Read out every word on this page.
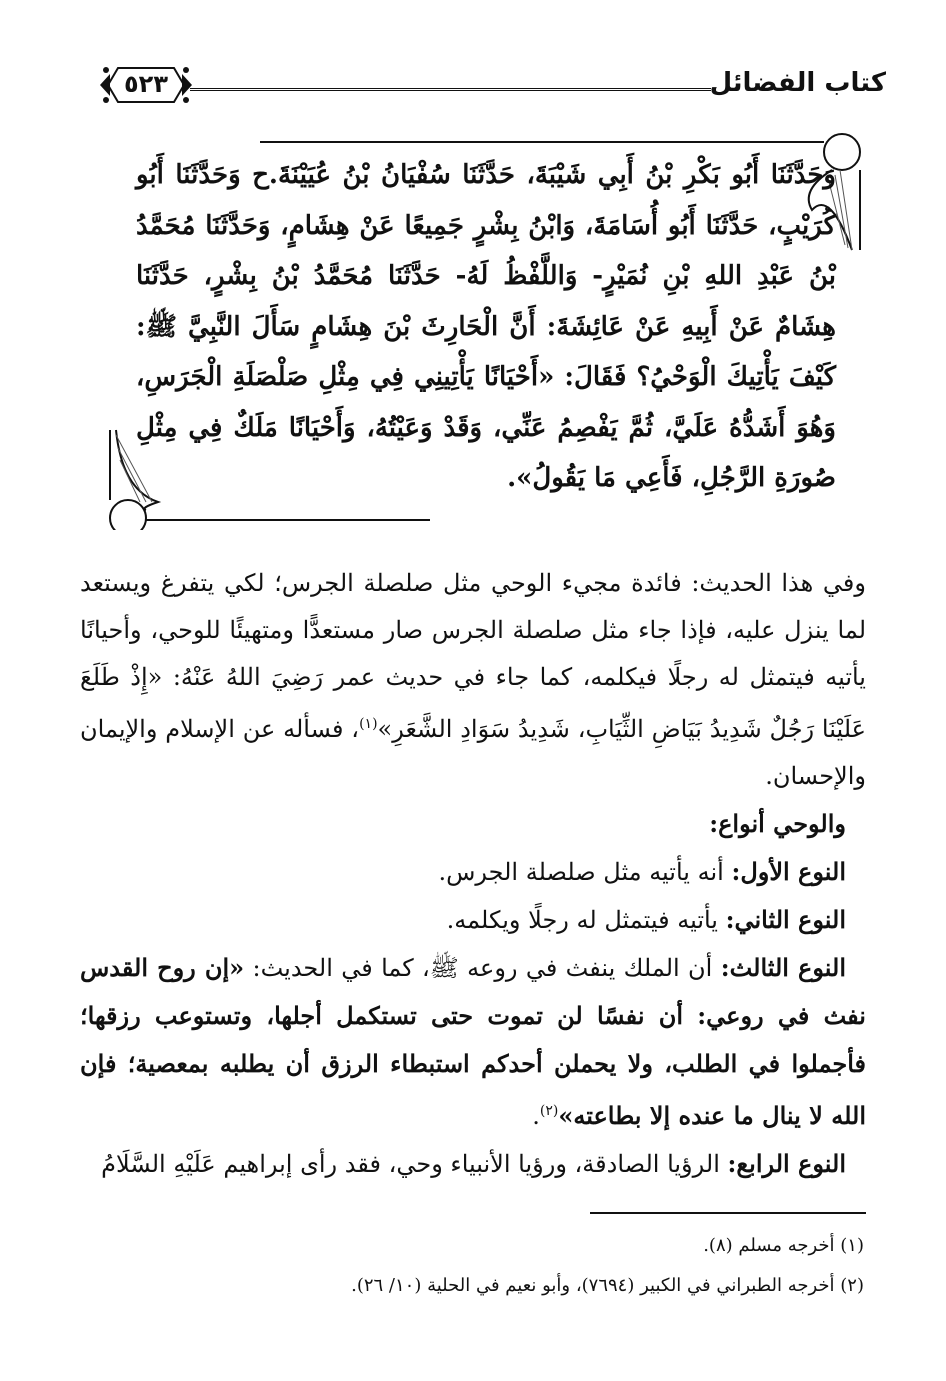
كتاب الفضائل
٥٢٣
وَحَدَّثَنَا أَبُو بَكْرِ بْنُ أَبِي شَيْبَةَ، حَدَّثَنَا سُفْيَانُ بْنُ عُيَيْنَةَ.ح وَحَدَّثَنَا أَبُو كُرَيْبٍ، حَدَّثَنَا أَبُو أُسَامَةَ، وَابْنُ بِشْرٍ جَمِيعًا عَنْ هِشَامٍ، وَحَدَّثَنَا مُحَمَّدُ بْنُ عَبْدِ اللهِ بْنِ نُمَيْرٍ- وَاللَّفْظُ لَهُ- حَدَّثَنَا مُحَمَّدُ بْنُ بِشْرٍ، حَدَّثَنَا هِشَامٌ عَنْ أَبِيهِ عَنْ عَائِشَةَ: أَنَّ الْحَارِثَ بْنَ هِشَامٍ سَأَلَ النَّبِيَّ ﷺ: كَيْفَ يَأْتِيكَ الْوَحْيُ؟ فَقَالَ: «أَحْيَانًا يَأْتِينِي فِي مِثْلِ صَلْصَلَةِ الْجَرَسِ، وَهُوَ أَشَدُّهُ عَلَيَّ، ثُمَّ يَفْصِمُ عَنِّي، وَقَدْ وَعَيْتُهُ، وَأَحْيَانًا مَلَكٌ فِي مِثْلِ صُورَةِ الرَّجُلِ، فَأَعِي مَا يَقُولُ».
وفي هذا الحديث: فائدة مجيء الوحي مثل صلصلة الجرس؛ لكي يتفرغ ويستعد لما ينزل عليه، فإذا جاء مثل صلصلة الجرس صار مستعدًّا ومتهيئًا للوحي، وأحيانًا يأتيه فيتمثل له رجلًا فيكلمه، كما جاء في حديث عمر رَضِيَ اللهُ عَنْهُ: «إِذْ طَلَعَ عَلَيْنَا رَجُلٌ شَدِيدُ بَيَاضِ الثِّيَابِ، شَدِيدُ سَوَادِ الشَّعَرِ»$^{(١)}$، فسأله عن الإسلام والإيمان والإحسان.
والوحي أنواع:
النوع الأول: أنه يأتيه مثل صلصلة الجرس.
النوع الثاني: يأتيه فيتمثل له رجلًا ويكلمه.
النوع الثالث: أن الملك ينفث في روعه ﷺ، كما في الحديث: «إن روح القدس نفث في روعي: أن نفسًا لن تموت حتى تستكمل أجلها، وتستوعب رزقها؛ فأجملوا في الطلب، ولا يحملن أحدكم استبطاء الرزق أن يطلبه بمعصية؛ فإن الله لا ينال ما عنده إلا بطاعته»$^{(٢)}$.
النوع الرابع: الرؤيا الصادقة، ورؤيا الأنبياء وحي، فقد رأى إبراهيم عَلَيْهِ السَّلَامُ
(١) أخرجه مسلم (٨).
(٢) أخرجه الطبراني في الكبير (٧٦٩٤)، وأبو نعيم في الحلية (١٠/ ٢٦).
